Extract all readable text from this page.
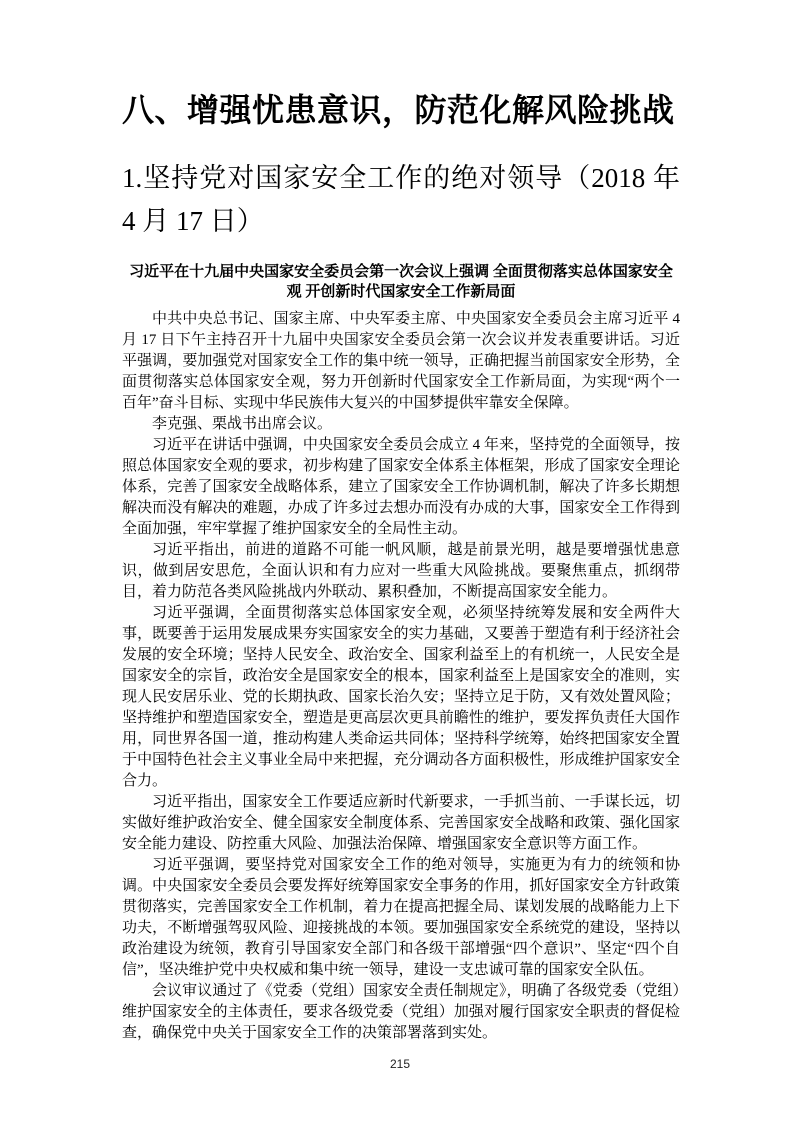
八、增强忧患意识，防范化解风险挑战
1.坚持党对国家安全工作的绝对领导（2018 年 4 月 17 日）
习近平在十九届中央国家安全委员会第一次会议上强调 全面贯彻落实总体国家安全观 开创新时代国家安全工作新局面

中共中央总书记、国家主席、中央军委主席、中央国家安全委员会主席习近平 4 月 17 日下午主持召开十九届中央国家安全委员会第一次会议并发表重要讲话。习近平强调，要加强党对国家安全工作的集中统一领导，正确把握当前国家安全形势，全面贯彻落实总体国家安全观，努力开创新时代国家安全工作新局面，为实现“两个一百年”奋斗目标、实现中华民族伟大复兴的中国梦提供牢靠安全保障。

李克强、栗战书出席会议。

习近平在讲话中强调，中央国家安全委员会成立 4 年来，坚持党的全面领导，按照总体国家安全观的要求，初步构建了国家安全体系主体框架，形成了国家安全理论体系，完善了国家安全战略体系，建立了国家安全工作协调机制，解决了许多长期想解决而没有解决的难题，办成了许多过去想办而没有办成的大事，国家安全工作得到全面加强，牢牢掌握了维护国家安全的全局性主动。

习近平指出，前进的道路不可能一帆风顺，越是前景光明，越是要增强忧患意识，做到居安思危，全面认识和有力应对一些重大风险挑战。要聚焦重点，抓纲带目，着力防范各类风险挑战内外联动、累积叠加，不断提高国家安全能力。

习近平强调，全面贯彻落实总体国家安全观，必须坚持统筹发展和安全两件大事，既要善于运用发展成果夯实国家安全的实力基础，又要善于塑造有利于经济社会发展的安全环境；坚持人民安全、政治安全、国家利益至上的有机统一，人民安全是国家安全的宗旨，政治安全是国家安全的根本，国家利益至上是国家安全的准则，实现人民安居乐业、党的长期执政、国家长治久安；坚持立足于防，又有效处置风险；坚持维护和塑造国家安全，塑造是更高层次更具前瞻性的维护，要发挥负责任大国作用，同世界各国一道，推动构建人类命运共同体；坚持科学统筹，始终把国家安全置于中国特色社会主义事业全局中来把握，充分调动各方面积极性，形成维护国家安全合力。

习近平指出，国家安全工作要适应新时代新要求，一手抓当前、一手谋长远，切实做好维护政治安全、健全国家安全制度体系、完善国家安全战略和政策、强化国家安全能力建设、防控重大风险、加强法治保障、增强国家安全意识等方面工作。

习近平强调，要坚持党对国家安全工作的绝对领导，实施更为有力的统领和协调。中央国家安全委员会要发挥好统筹国家安全事务的作用，抓好国家安全方针政策贯彻落实，完善国家安全工作机制，着力在提高把握全局、谋划发展的战略能力上下功夫，不断增强驾驭风险、迎接挑战的本领。要加强国家安全系统党的建设，坚持以政治建设为统领，教育引导国家安全部门和各级干部增强“四个意识”、坚定“四个自信”，坚决维护党中央权威和集中统一领导，建设一支忠诚可靠的国家安全队伍。

会议审议通过了《党委（党组）国家安全责任制规定》，明确了各级党委（党组）维护国家安全的主体责任，要求各级党委（党组）加强对履行国家安全职责的督促检查，确保党中央关于国家安全工作的决策部署落到实处。

215
